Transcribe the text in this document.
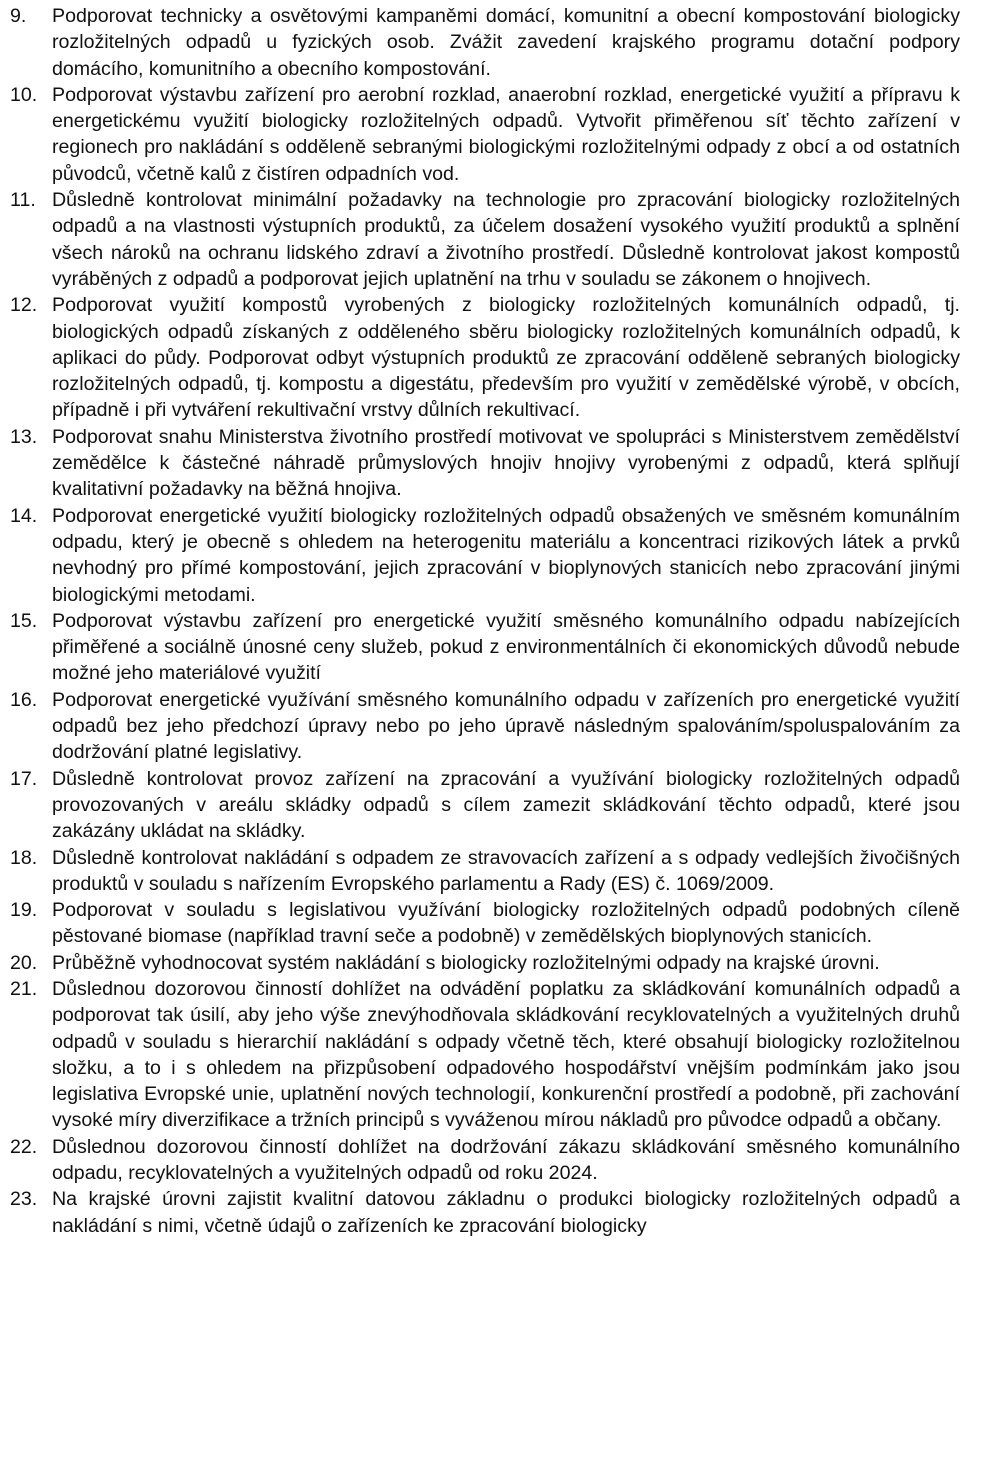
9.	Podporovat technicky a osvětovými kampaněmi domácí, komunitní a obecní kompostování biologicky rozložitelných odpadů u fyzických osob. Zvážit zavedení krajského programu dotační podpory domácího, komunitního a obecního kompostování.
10. Podporovat výstavbu zařízení pro aerobní rozklad, anaerobní rozklad, energetické využití a přípravu k energetickému využití biologicky rozložitelných odpadů. Vytvořit přiměřenou síť těchto zařízení v regionech pro nakládání s odděleně sebranými biologickými rozložitelnými odpady z obcí a od ostatních původců, včetně kalů z čistíren odpadních vod.
11. Důsledně kontrolovat minimální požadavky na technologie pro zpracování biologicky rozložitelných odpadů a na vlastnosti výstupních produktů, za účelem dosažení vysokého využití produktů a splnění všech nároků na ochranu lidského zdraví a životního prostředí. Důsledně kontrolovat jakost kompostů vyráběných z odpadů a podporovat jejich uplatnění na trhu v souladu se zákonem o hnojivech.
12. Podporovat využití kompostů vyrobených z biologicky rozložitelných komunálních odpadů, tj. biologických odpadů získaných z odděleného sběru biologicky rozložitelných komunálních odpadů, k aplikaci do půdy. Podporovat odbyt výstupních produktů ze zpracování odděleně sebraných biologicky rozložitelných odpadů, tj. kompostu a digestátu, především pro využití v zemědělské výrobě, v obcích, případně i při vytváření rekultivační vrstvy důlních rekultivací.
13. Podporovat snahu Ministerstva životního prostředí motivovat ve spolupráci s Ministerstvem zemědělství zemědělce k částečné náhradě průmyslových hnojiv hnojivy vyrobenými z odpadů, která splňují kvalitativní požadavky na běžná hnojiva.
14. Podporovat energetické využití biologicky rozložitelných odpadů obsažených ve směsném komunálním odpadu, který je obecně s ohledem na heterogenitu materiálu a koncentraci rizikových látek a prvků nevhodný pro přímé kompostování, jejich zpracování v bioplynových stanicích nebo zpracování jinými biologickými metodami.
15. Podporovat výstavbu zařízení pro energetické využití směsného komunálního odpadu nabízejících přiměřené a sociálně únosné ceny služeb, pokud z environmentálních či ekonomických důvodů nebude možné jeho materiálové využití
16. Podporovat energetické využívání směsného komunálního odpadu v zařízeních pro energetické využití odpadů bez jeho předchozí úpravy nebo po jeho úpravě následným spalováním/spoluspalováním za dodržování platné legislativy.
17. Důsledně kontrolovat provoz zařízení na zpracování a využívání biologicky rozložitelných odpadů provozovaných v areálu skládky odpadů s cílem zamezit skládkování těchto odpadů, které jsou zakázány ukládat na skládky.
18. Důsledně kontrolovat nakládání s odpadem ze stravovacích zařízení a s odpady vedlejších živočišných produktů v souladu s nařízením Evropského parlamentu a Rady (ES) č. 1069/2009.
19. Podporovat v souladu s legislativou využívání biologicky rozložitelných odpadů podobných cíleně pěstované biomase (například travní seče a podobně) v zemědělských bioplynových stanicích.
20. Průběžně vyhodnocovat systém nakládání s biologicky rozložitelnými odpady na krajské úrovni.
21. Důslednou dozorovou činností dohlížet na odvádění poplatku za skládkování komunálních odpadů a podporovat tak úsilí, aby jeho výše znevýhodňovala skládkování recyklovatelných a využitelných druhů odpadů v souladu s hierarchií nakládání s odpady včetně těch, které obsahují biologicky rozložitelnou složku, a to i s ohledem na přizpůsobení odpadového hospodářství vnějším podmínkám jako jsou legislativa Evropské unie, uplatnění nových technologií, konkurenční prostředí a podobně, při zachování vysoké míry diverzifikace a tržních principů s vyváženou mírou nákladů pro původce odpadů a občany.
22. Důslednou dozorovou činností dohlížet na dodržování zákazu skládkování směsného komunálního odpadu, recyklovatelných a využitelných odpadů od roku 2024.
23. Na krajské úrovni zajistit kvalitní datovou základnu o produkci biologicky rozložitelných odpadů a nakládání s nimi, včetně údajů o zařízeních ke zpracování biologicky
